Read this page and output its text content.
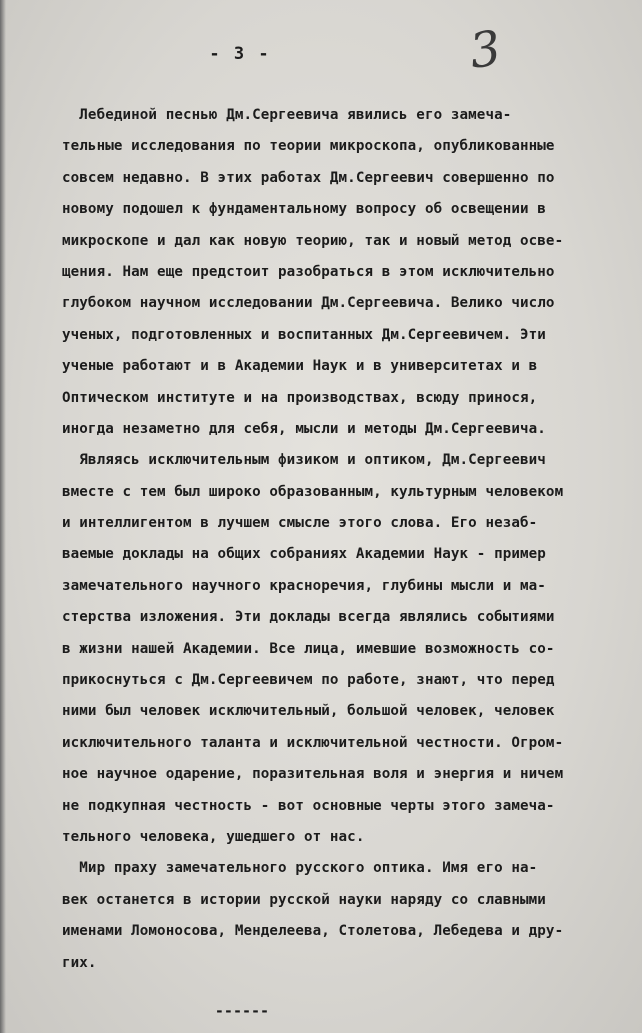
- 3 -	3
Лебединой песнью Дм.Сергеевича явились его замеча-
тельные исследования по теории микроскопа, опубликованные
совсем недавно. В этих работах Дм.Сергеевич совершенно по
новому подошел к фундаментальному вопросу об освещении в
микроскопе и дал как новую теорию, так и новый метод осве-
щения. Нам еще предстоит разобраться в этом исключительно
глубоком научном исследовании Дм.Сергеевича. Велико число
ученых, подготовленных и воспитанных Дм.Сергеевичем. Эти
ученые работают и в Академии Наук и в университетах и в
Оптическом институте и на производствах, всюду принося,
иногда незаметно для себя, мысли и методы Дм.Сергеевича.
Являясь исключительным физиком и оптиком, Дм.Сергеевич
вместе с тем был широко образованным, культурным человеком
и интеллигентом в лучшем смысле этого слова. Его незаб-
ваемые доклады на общих собраниях Академии Наук - пример
замечательного научного красноречия, глубины мысли и ма-
стерства изложения. Эти доклады всегда являлись событиями
в жизни нашей Академии. Все лица, имевшие возможность со-
прикоснуться с Дм.Сергеевичем по работе, знают, что перед
ними был человек исключительный, большой человек, человек
исключительного таланта и исключительной честности. Огром-
ное научное одарение, поразительная воля и энергия и ничем
не подкупная честность - вот основные черты этого замеча-
тельного человека, ушедшего от нас.
Мир праху замечательного русского оптика. Имя его на-
век останется в истории русской науки наряду со славными
именами Ломоносова, Менделеева, Столетова, Лебедева и дру-
гих.
------
